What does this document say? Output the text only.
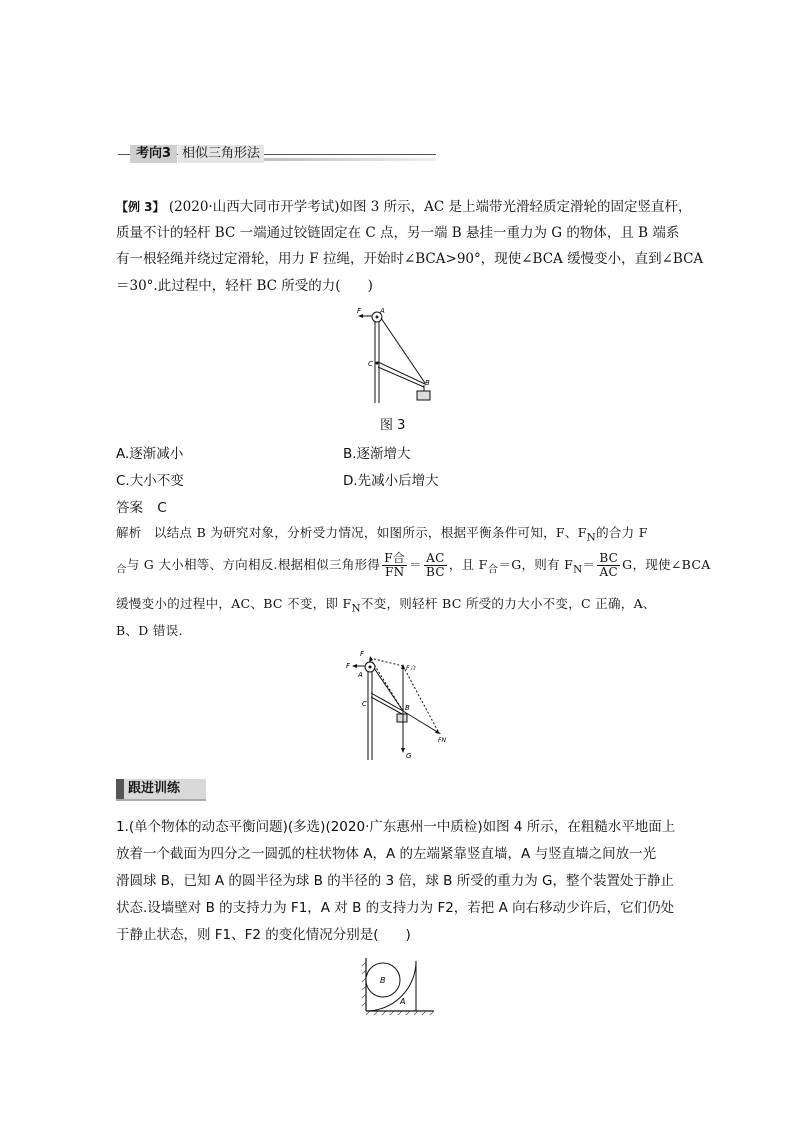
考向3 相似三角形法
【例 3】 (2020·山西大同市开学考试)如图 3 所示，AC 是上端带光滑轻质定滑轮的固定竖直杆，
质量不计的轻杆 BC 一端通过铰链固定在 C 点，另一端 B 悬挂一重力为 G 的物体，且 B 端系
有一根轻绳并绕过定滑轮，用力 F 拉绳，开始时∠BCA>90°，现使∠BCA 缓慢变小，直到∠BCA
＝30°.此过程中，轻杆 BC 所受的力(　　)
F	A
C
B
图 3
A.逐渐减小	B.逐渐增大
C.大小不变	D.先减小后增大
答案 C
解析 以结点 B 为研究对象，分析受力情况，如图所示，根据平衡条件可知，F、$F_N$的合力 F
$_合$与 G 大小相等、方向相反.根据相似三角形得 $\frac{\text{F合}}{FN} = \frac{AC}{BC}$ ，且 $F_合=G$，则有 $F_N= \frac{BC}{AC}$ G，现使∠BCA
缓慢变小的过程中，AC、BC 不变，即 $F_N$不变，则轻杆 BC 所受的力大小不变，C 正确，A、
B、D 错误.
F
F
A
C	B
F合
FN
G
跟进训练
1.(单个物体的动态平衡问题)(多选)(2020·广东惠州一中质检)如图 4 所示，在粗糙水平地面上
放着一个截面为四分之一圆弧的柱状物体 A，A 的左端紧靠竖直墙，A 与竖直墙之间放一光
滑圆球 B，已知 A 的圆半径为球 B 的半径的 3 倍，球 B 所受的重力为 G，整个装置处于静止
状态.设墙壁对 B 的支持力为 F1，A 对 B 的支持力为 F2，若把 A 向右移动少许后，它们仍处
于静止状态，则 F1、F2 的变化情况分别是(　　)
B
A
